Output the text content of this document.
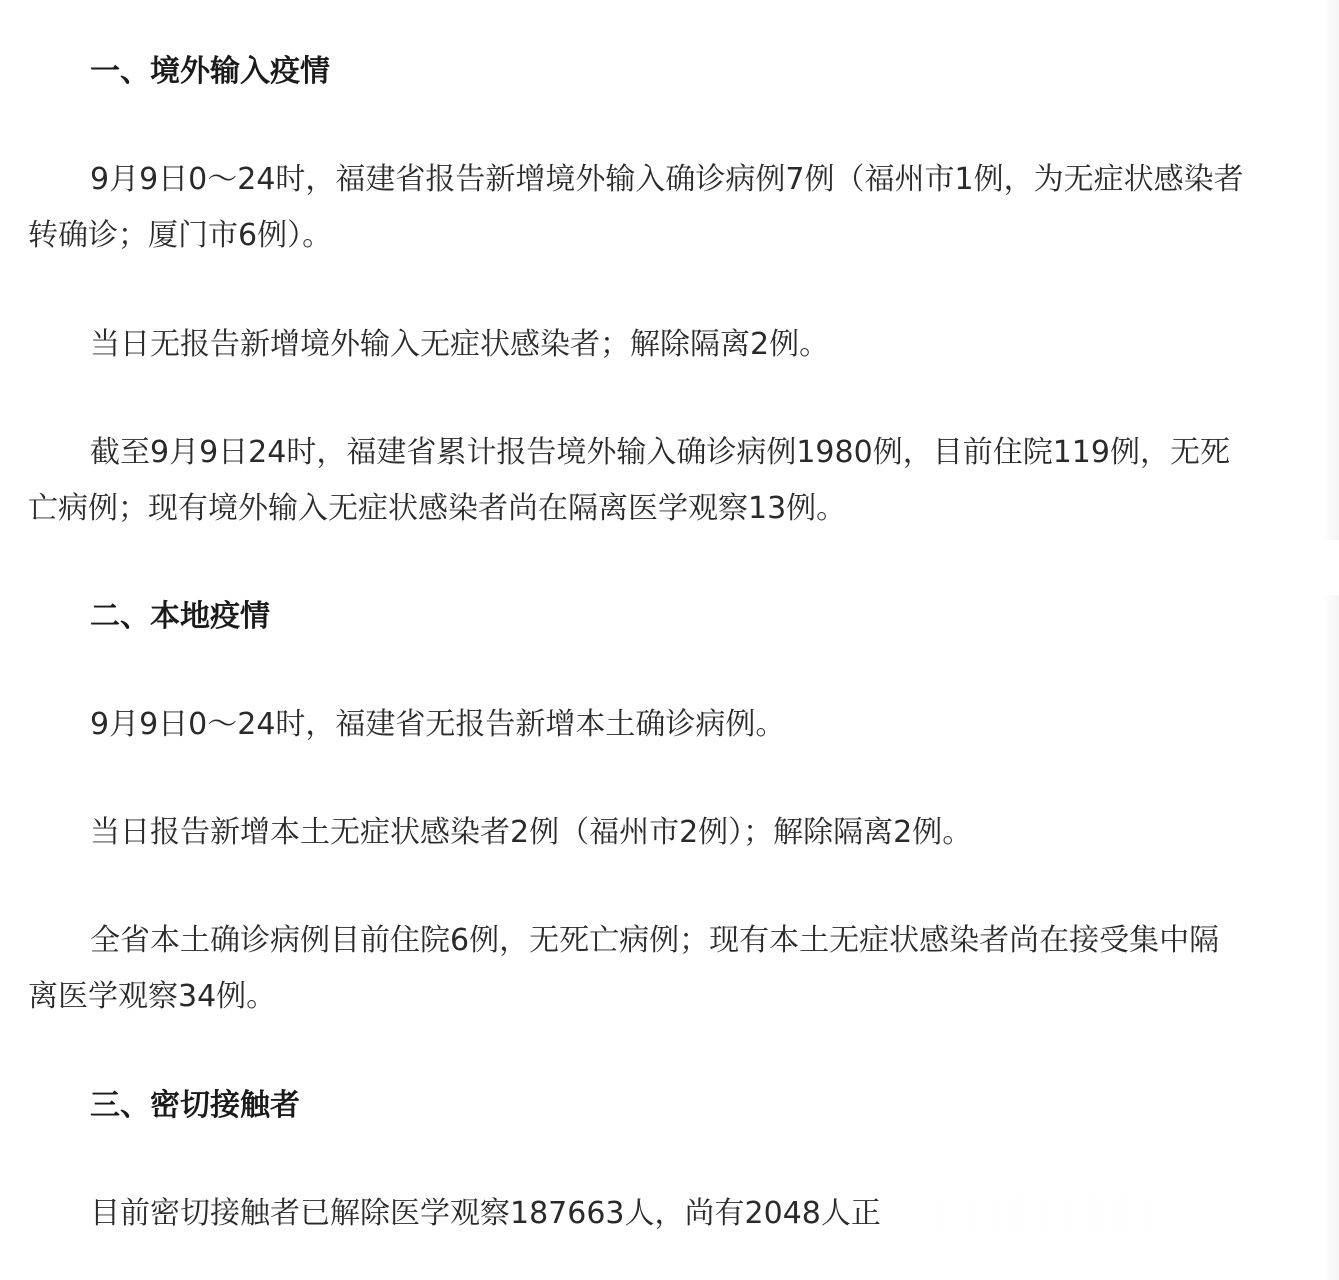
一、境外输入疫情
9月9日0～24时，福建省报告新增境外输入确诊病例7例（福州市1例，为无症状感染者转确诊；厦门市6例）。
当日无报告新增境外输入无症状感染者；解除隔离2例。
截至9月9日24时，福建省累计报告境外输入确诊病例1980例，目前住院119例，无死亡病例；现有境外输入无症状感染者尚在隔离医学观察13例。
二、本地疫情
9月9日0～24时，福建省无报告新增本土确诊病例。
当日报告新增本土无症状感染者2例（福州市2例）；解除隔离2例。
全省本土确诊病例目前住院6例，无死亡病例；现有本土无症状感染者尚在接受集中隔离医学观察34例。
三、密切接触者
目前密切接触者已解除医学观察187663人，尚有2048人正
